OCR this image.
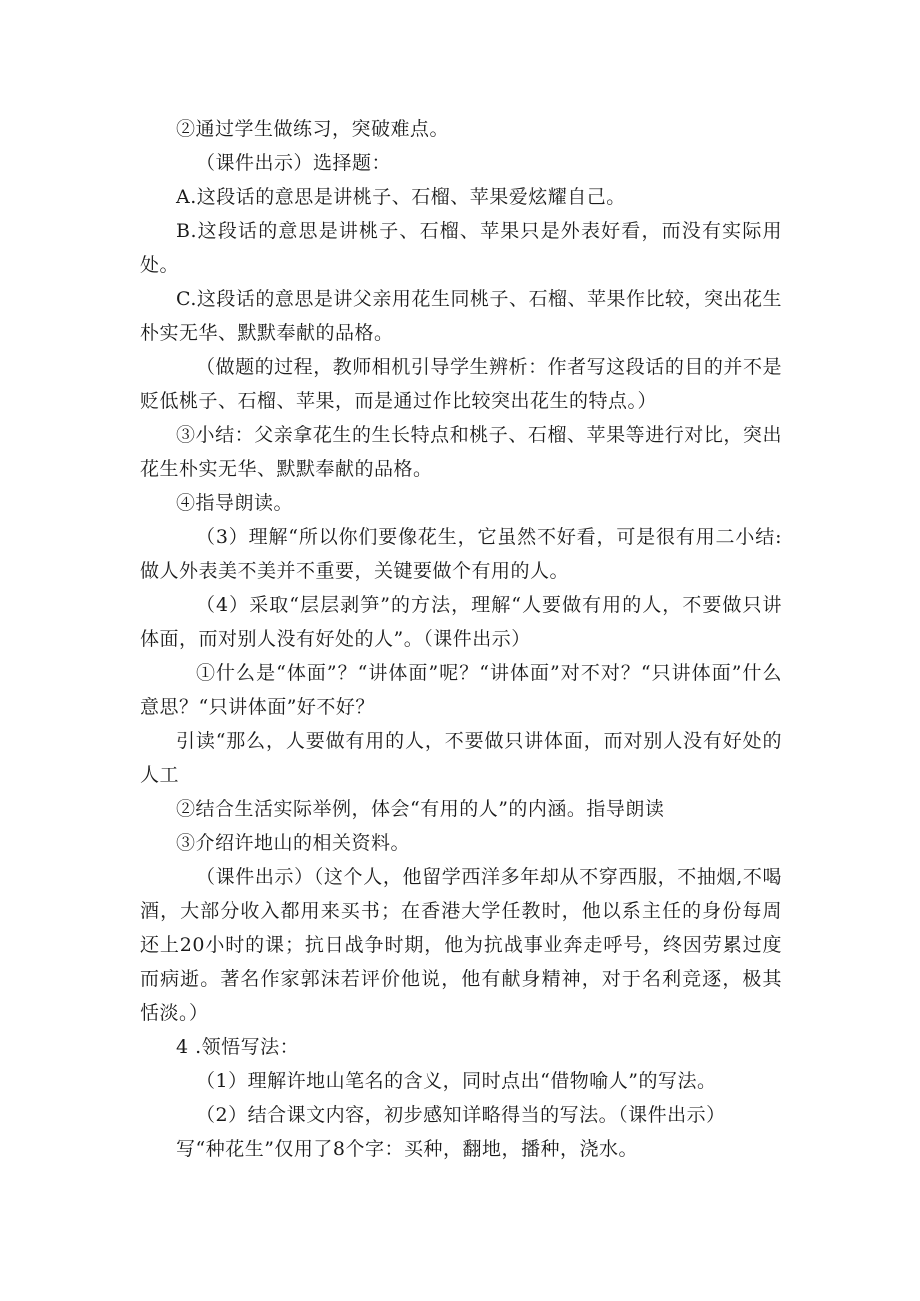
②通过学生做练习，突破难点。

（课件出示）选择题：

A.这段话的意思是讲桃子、石榴、苹果爱炫耀自己。

B.这段话的意思是讲桃子、石榴、苹果只是外表好看，而没有实际用处。

C.这段话的意思是讲父亲用花生同桃子、石榴、苹果作比较，突出花生朴实无华、默默奉献的品格。

（做题的过程，教师相机引导学生辨析：作者写这段话的目的并不是贬低桃子、石榴、苹果，而是通过作比较突出花生的特点。）

③小结：父亲拿花生的生长特点和桃子、石榴、苹果等进行对比，突出花生朴实无华、默默奉献的品格。

④指导朗读。

（3）理解“所以你们要像花生，它虽然不好看，可是很有用二小结:做人外表美不美并不重要，关键要做个有用的人。

（4）采取“层层剥笋”的方法，理解“人要做有用的人，不要做只讲体面，而对别人没有好处的人”。（课件出示）

①什么是“体面”？“讲体面”呢？“讲体面”对不对？“只讲体面”什么意思？“只讲体面”好不好？

引读“那么，人要做有用的人，不要做只讲体面，而对别人没有好处的人工

②结合生活实际举例，体会“有用的人”的内涵。指导朗读

③介绍许地山的相关资料。

（课件出示）（这个人，他留学西洋多年却从不穿西服，不抽烟,不喝酒，大部分收入都用来买书；在香港大学任教时，他以系主任的身份每周还上20小时的课；抗日战争时期，他为抗战事业奔走呼号，终因劳累过度而病逝。著名作家郭沫若评价他说，他有献身精神，对于名利竞逐，极其恬淡。）

4 .领悟写法：

（1）理解许地山笔名的含义，同时点出“借物喻人”的写法。

（2）结合课文内容，初步感知详略得当的写法。（课件出示）

写“种花生”仅用了8个字：买种，翻地，播种，浇水。
